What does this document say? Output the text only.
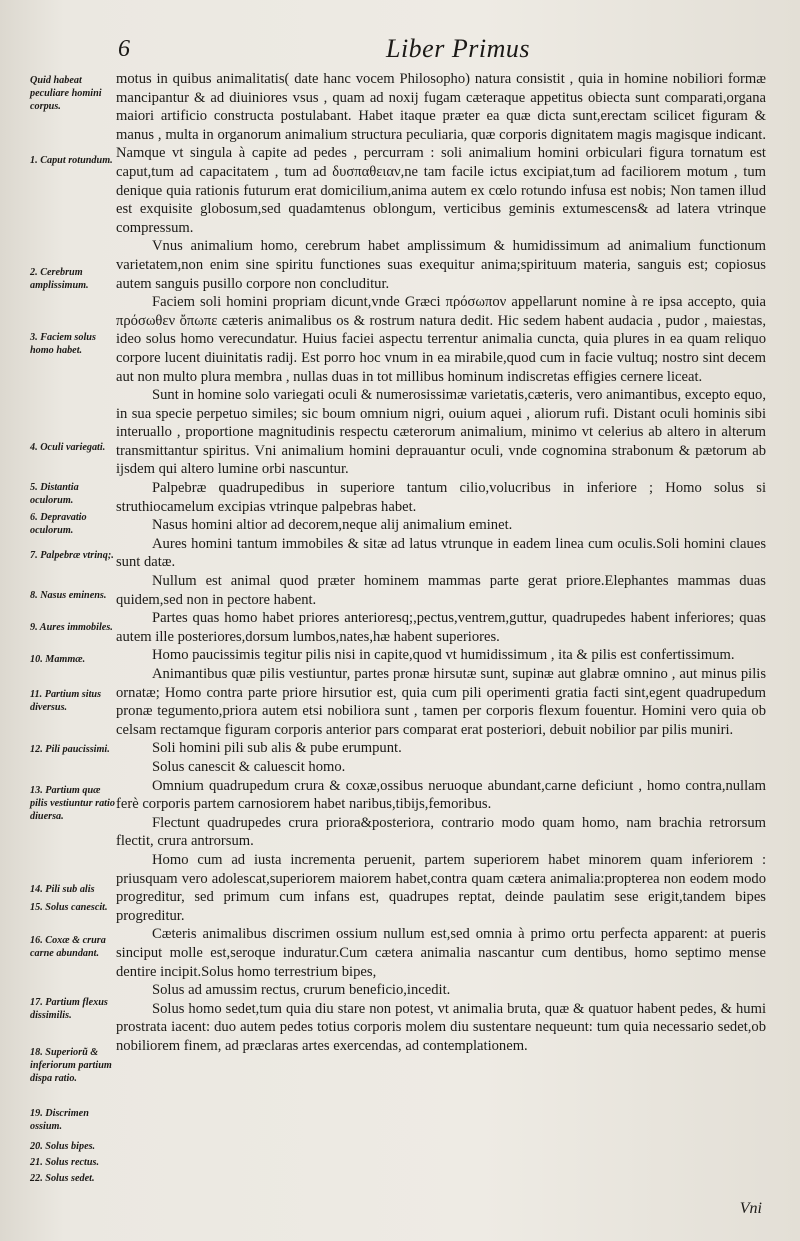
6	Liber Primus
Quid habeat peculiare homini corpus.
1. Caput rotundum.
2. Cerebrum amplissimum.
3. Faciem solus homo habet.
4. Oculi variegati.
5. Distantia oculorum.
6. Depravatio oculorum.
7. Palpebræ vtrinq;.
8. Nasus eminens.
9. Aures immobiles.
10. Mammæ.
11. Partium situs diversus.
12. Pili paucissimi.
13. Partium quæ pilis vestiuntur ratio diuersa.
14. Pili sub alis
15. Solus canescit.
16. Coxæ & crura carne abundant.
17. Partium flexus dissimilis.
18. Superiorũ & inferiorum partium dispa ratio.
19. Discrimen ossium.
20. Solus bipes.
21. Solus rectus.
22. Solus sedet.

motus in quibus animalitatis( date hanc vocem Philosopho) natura consistit , quia in homine nobiliori formæ mancipantur & ad diuiniores vsus , quam ad noxij fugam cæteraque appetitus obiecta sunt comparati,organa maiori artificio constructa postulabant. Habet itaque præter ea quæ dicta sunt,erectam scilicet figuram & manus , multa in organorum animalium structura peculiaria, quæ corporis dignitatem magis magisque indicant. Namque vt singula à capite ad pedes , percurram : soli animalium homini orbiculari figura tornatum est caput,tum ad capacitatem , tum ad δυσπαθειαν,ne tam facile ictus excipiat,tum ad faciliorem motum , tum denique quia rationis futurum erat domicilium,anima autem ex cœlo rotundo infusa est nobis; Non tamen illud est exquisite globosum,sed quadamtenus oblongum, verticibus geminis extumescens& ad latera vtrinque compressum.

Vnus animalium homo, cerebrum habet amplissimum & humidissimum ad animalium functionum varietatem,non enim sine spiritu functiones suas exequitur anima;spirituum materia, sanguis est; copiosus autem sanguis pusillo corpore non concluditur.

Faciem soli homini propriam dicunt,vnde Græci πρόσωπον appellarunt nomine à re ipsa accepto, quia πρόσωθεν ὄπωπε cæteris animalibus os & rostrum natura dedit. Hic sedem habent audacia , pudor , maiestas, ideo solus homo verecundatur. Huius faciei aspectu terrentur animalia cuncta, quia plures in ea quam reliquo corpore lucent diuinitatis radij. Est porro hoc vnum in ea mirabile,quod cum in facie vultuq; nostro sint decem aut non multo plura membra , nullas duas in tot millibus hominum indiscretas effigies cernere liceat.

Sunt in homine solo variegati oculi & numerosissimæ varietatis,cæteris, vero animantibus, excepto equo, in sua specie perpetuo similes; sic boum omnium nigri, ouium aquei , aliorum rufi. Distant oculi hominis sibi interuallo , proportione magnitudinis respectu cæterorum animalium, minimo vt celerius ab altero in alterum transmittantur spiritus. Vni animalium homini deprauantur oculi, vnde cognomina strabonum & pætorum ab ijsdem qui altero lumine orbi nascuntur.

Palpebræ quadrupedibus in superiore tantum cilio,volucribus in inferiore ; Homo solus si struthiocamelum excipias vtrinque palpebras habet.

Nasus homini altior ad decorem,neque alij animalium eminet.

Aures homini tantum immobiles & sitæ ad latus vtrunque in eadem linea cum oculis.Soli homini claues sunt datæ.

Nullum est animal quod præter hominem mammas parte gerat priore.Elephantes mammas duas quidem,sed non in pectore habent.

Partes quas homo habet priores anterioresq;,pectus,ventrem,guttur, quadrupedes habent inferiores; quas autem ille posteriores,dorsum lumbos,nates,hæ habent superiores.

Homo paucissimis tegitur pilis nisi in capite,quod vt humidissimum , ita & pilis est confertissimum.

Animantibus quæ pilis vestiuntur, partes pronæ hirsutæ sunt, supinæ aut glabræ omnino , aut minus pilis ornatæ; Homo contra parte priore hirsutior est, quia cum pili operimenti gratia facti sint,egent quadrupedum pronæ tegumento,priora autem etsi nobiliora sunt , tamen per corporis flexum fouentur. Homini vero quia ob celsam rectamque figuram corporis anterior pars comparat erat posteriori, debuit nobilior par pilis muniri.

Soli homini pili sub alis & pube erumpunt.

Solus canescit & caluescit homo.

Omnium quadrupedum crura & coxæ,ossibus neruoque abundant,carne deficiunt , homo contra,nullam ferè corporis partem carnosiorem habet naribus,tibijs,femoribus.

Flectunt quadrupedes crura priora&posteriora, contrario modo quam homo, nam brachia retrorsum flectit, crura antrorsum.

Homo cum ad iusta incrementa peruenit, partem superiorem habet minorem quam inferiorem : priusquam vero adolescat,superiorem maiorem habet,contra quam cætera animalia:propterea non eodem modo progreditur, sed primum cum infans est, quadrupes reptat, deinde paulatim sese erigit,tandem bipes progreditur.

Cæteris animalibus discrimen ossium nullum est,sed omnia à primo ortu perfecta apparent: at pueris sinciput molle est,seroque induratur.Cum cætera animalia nascantur cum dentibus, homo septimo mense dentire incipit.Solus homo terrestrium bipes,

Solus ad amussim rectus, crurum beneficio,incedit.

Solus homo sedet,tum quia diu stare non potest, vt animalia bruta, quæ & quatuor habent pedes, & humi prostrata iacent: duo autem pedes totius corporis molem diu sustentare nequeunt: tum quia necessario sedet,ob nobiliorem finem, ad præclaras artes exercendas, ad contemplationem.

Vni
